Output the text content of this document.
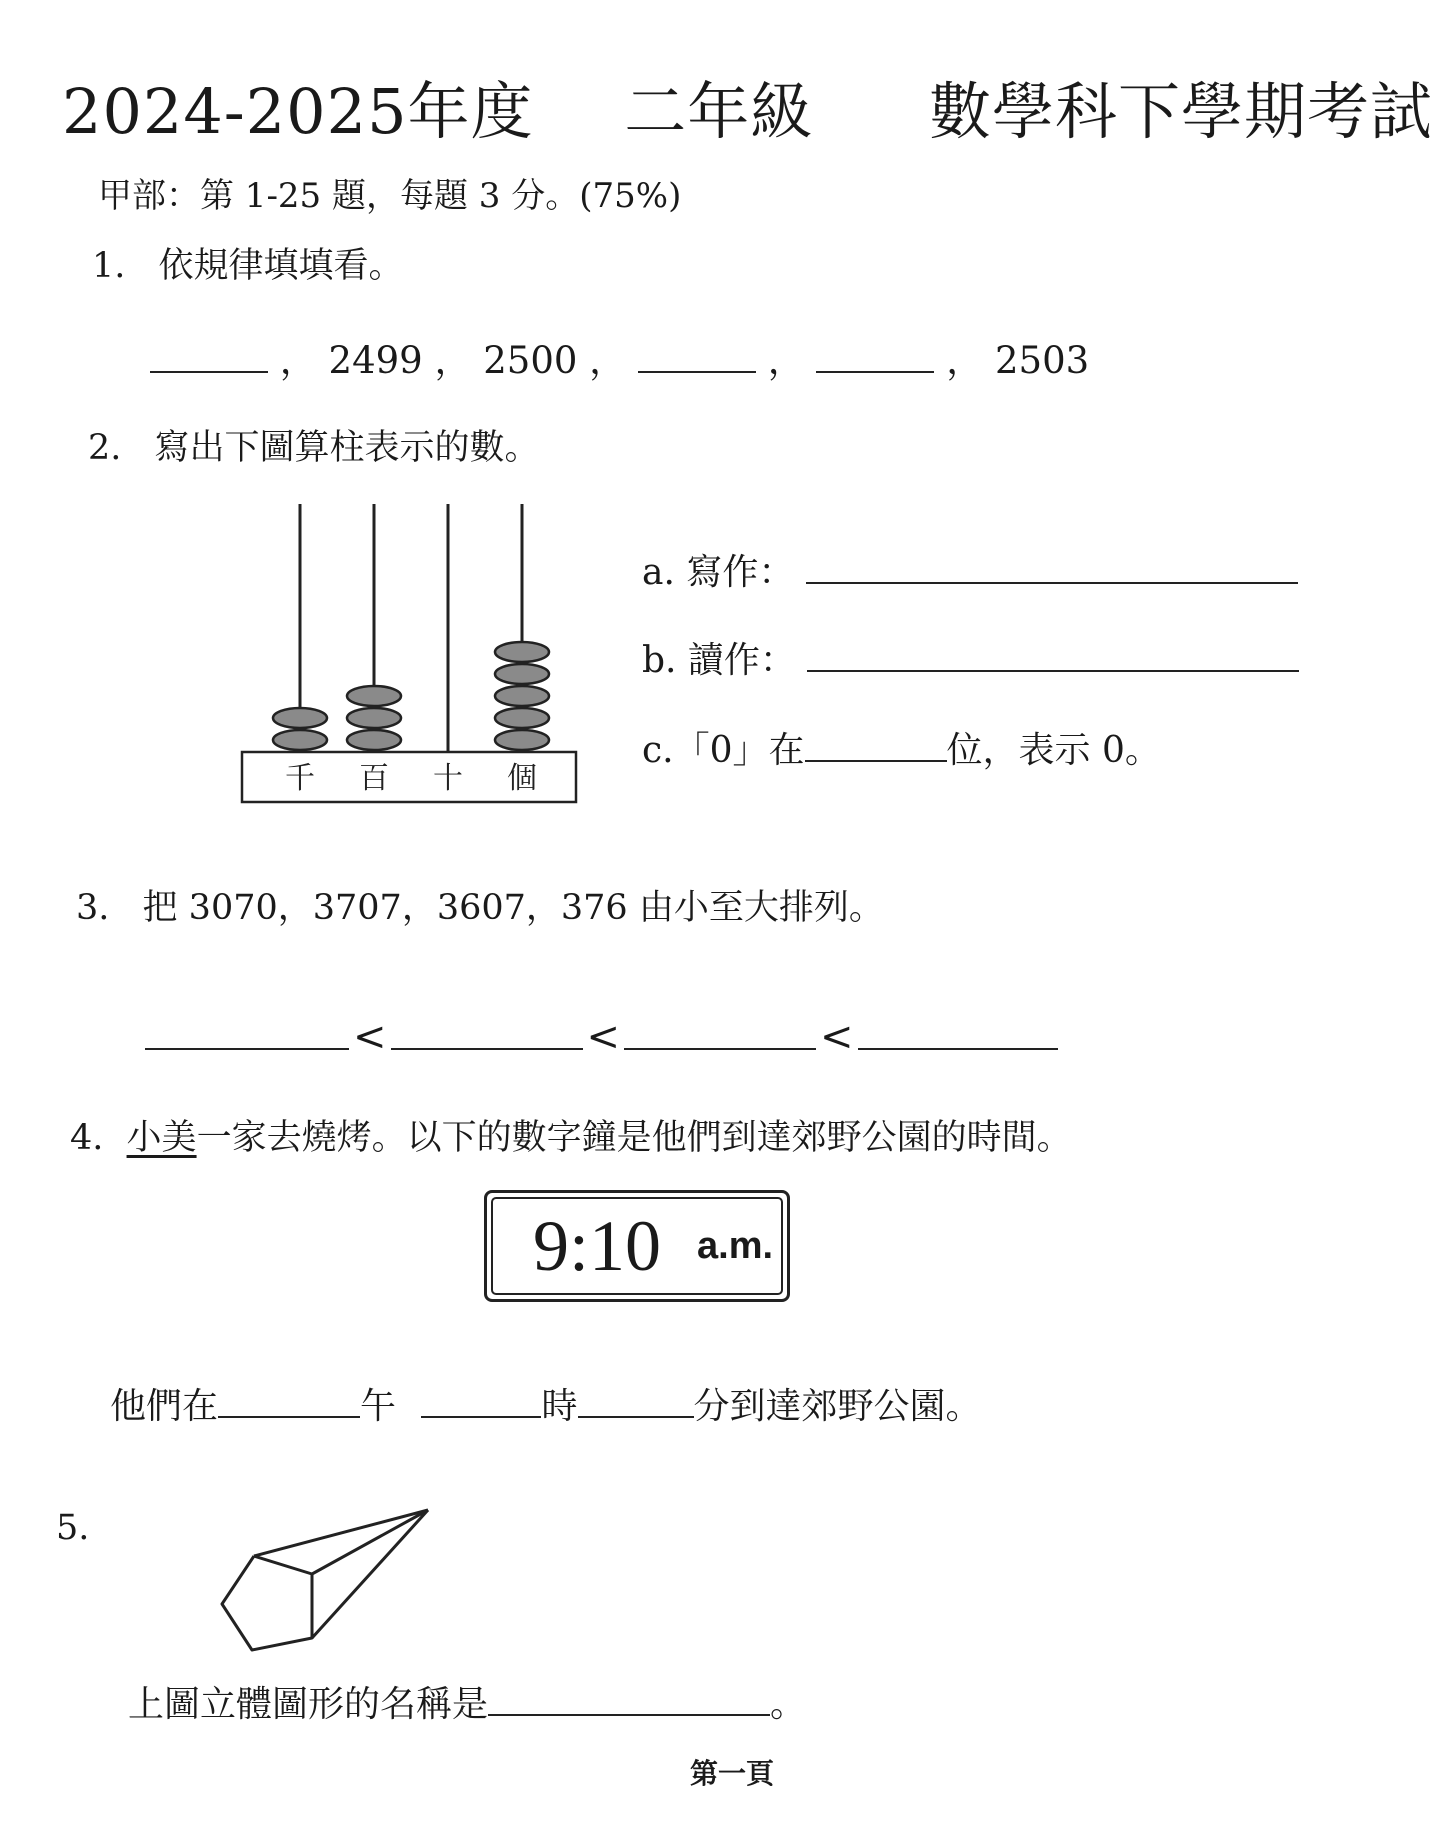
2024-2025年度 二年級 數學科下學期考試
甲部：第 1-25 題，每題 3 分。(75%)
1. 依規律填填看。
， 2499 ， 2500 ，	，	， 2503
2. 寫出下圖算柱表示的數。
千 百 十 個
a. 寫作：
b. 讀作：
c.「0」在	位，表示 0。
3. 把 3070，3707，3607，376 由小至大排列。
<	<	<
4. 小美一家去燒烤。以下的數字鐘是他們到達郊野公園的時間。
9:10 a.m.
他們在	午	時	分到達郊野公園。
5.
上圖立體圖形的名稱是	。
第一頁
